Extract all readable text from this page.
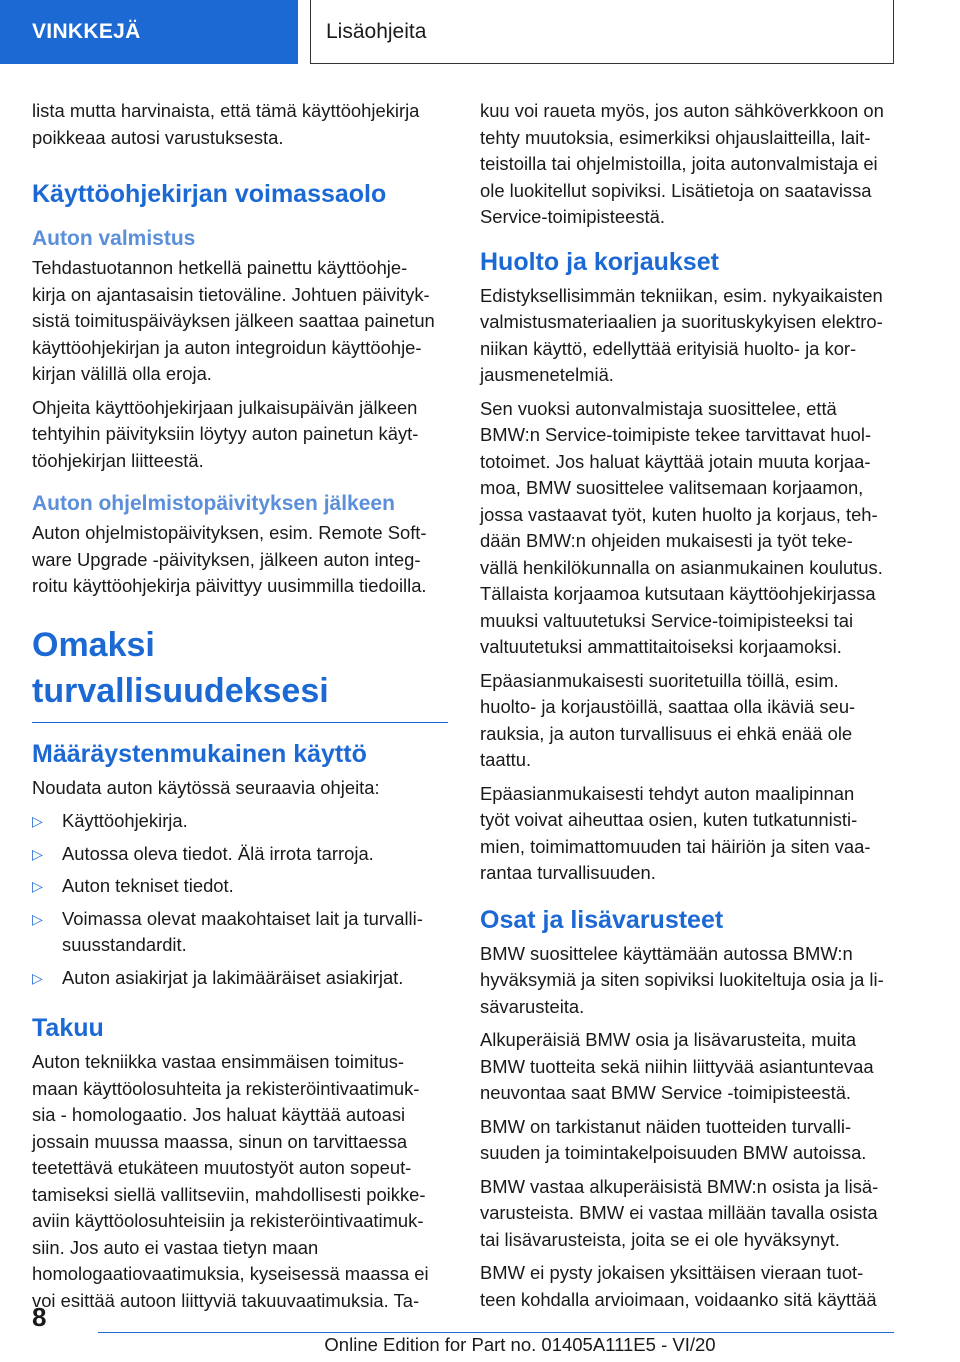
VINKKEJÄ	Lisäohjeita

lista mutta harvinaista, että tämä käyttöohjekirja
poikkeaa autosi varustuksesta.

Käyttöohjekirjan voimassaolo
Auton valmistus

Tehdastuotannon hetkellä painettu käyttöohje-
kirja on ajantasaisin tietoväline. Johtuen päivityk-
sistä toimituspäiväyksen jälkeen saattaa painetun
käyttöohjekirjan ja auton integroidun käyttöohje-
kirjan välillä olla eroja.

Ohjeita käyttöohjekirjaan julkaisupäivän jälkeen
tehtyihin päivityksiin löytyy auton painetun käyt-
töohjekirjan liitteestä.

Auton ohjelmistopäivityksen jälkeen

Auton ohjelmistopäivityksen, esim. Remote Soft-
ware Upgrade -päivityksen, jälkeen auton integ-
roitu käyttöohjekirja päivittyy uusimmilla tiedoilla.

Omaksi turvallisuudeksesi
Määräystenmukainen käyttö

Noudata auton käytössä seuraavia ohjeita:

▷ Käyttöohjekirja.
▷ Autossa oleva tiedot. Älä irrota tarroja.
▷ Auton tekniset tiedot.
▷ Voimassa olevat maakohtaiset lait ja turvalli-
suusstandardit.
▷ Auton asiakirjat ja lakimääräiset asiakirjat.
Takuu

Auton tekniikka vastaa ensimmäisen toimitus-
maan käyttöolosuhteita ja rekisteröintivaatimuk-
sia - homologaatio. Jos haluat käyttää autoasi
jossain muussa maassa, sinun on tarvittaessa
teetettävä etukäteen muutostyöt auton sopeut-
tamiseksi siellä vallitseviin, mahdollisesti poikke-
aviin käyttöolosuhteisiin ja rekisteröintivaatimuk-
siin. Jos auto ei vastaa tietyn maan
homologaatiovaatimuksia, kyseisessä maassa ei
voi esittää autoon liittyviä takuuvaatimuksia. Ta-

kuu voi raueta myös, jos auton sähköverkkoon on
tehty muutoksia, esimerkiksi ohjauslaitteilla, lait-
teistoilla tai ohjelmistoilla, joita autonvalmistaja ei
ole luokitellut sopiviksi. Lisätietoja on saatavissa
Service-toimipisteestä.

Huolto ja korjaukset

Edistyksellisimmän tekniikan, esim. nykyaikaisten
valmistusmateriaalien ja suorituskykyisen elektro-
niikan käyttö, edellyttää erityisiä huolto- ja kor-
jausmenetelmiä.

Sen vuoksi autonvalmistaja suosittelee, että
BMW:n Service-toimipiste tekee tarvittavat huol-
totoimet. Jos haluat käyttää jotain muuta korjaa-
moa, BMW suosittelee valitsemaan korjaamon,
jossa vastaavat työt, kuten huolto ja korjaus, teh-
dään BMW:n ohjeiden mukaisesti ja työt teke-
vällä henkilökunnalla on asianmukainen koulutus.
Tällaista korjaamoa kutsutaan käyttöohjekirjassa
muuksi valtuutetuksi Service-toimipisteeksi tai
valtuutetuksi ammattitaitoiseksi korjaamoksi.

Epäasianmukaisesti suoritetuilla töillä, esim.
huolto- ja korjaustöillä, saattaa olla ikäviä seu-
rauksia, ja auton turvallisuus ei ehkä enää ole
taattu.

Epäasianmukaisesti tehdyt auton maalipinnan
työt voivat aiheuttaa osien, kuten tutkatunnisti-
mien, toimimattomuuden tai häiriön ja siten vaa-
rantaa turvallisuuden.

Osat ja lisävarusteet

BMW suosittelee käyttämään autossa BMW:n
hyväksymiä ja siten sopiviksi luokiteltuja osia ja li-
sävarusteita.

Alkuperäisiä BMW osia ja lisävarusteita, muita
BMW tuotteita sekä niihin liittyvää asiantuntevaa
neuvontaa saat BMW Service -toimipisteestä.

BMW on tarkistanut näiden tuotteiden turvalli-
suuden ja toimintakelpoisuuden BMW autoissa.

BMW vastaa alkuperäisistä BMW:n osista ja lisä-
varusteista. BMW ei vastaa millään tavalla osista
tai lisävarusteista, joita se ei ole hyväksynyt.

BMW ei pysty jokaisen yksittäisen vieraan tuot-
teen kohdalla arvioimaan, voidaanko sitä käyttää

8
Online Edition for Part no. 01405A111E5 - VI/20
